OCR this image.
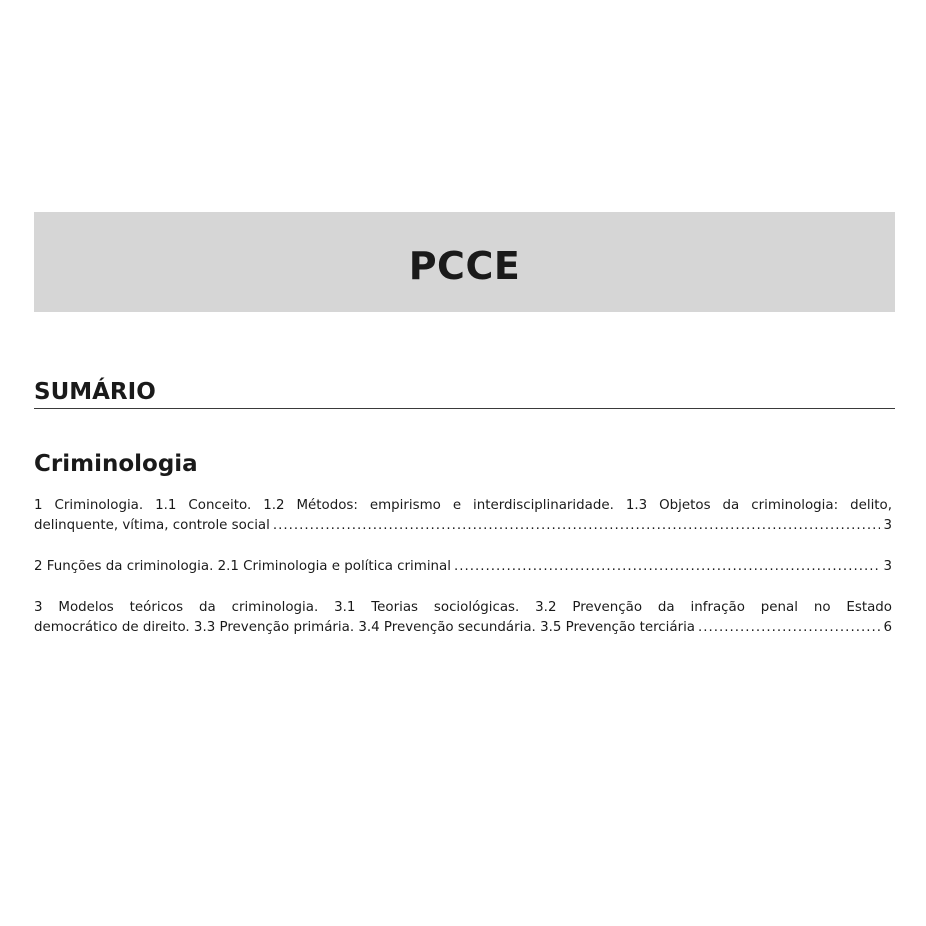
PCCE
SUMÁRIO
Criminologia
1 Criminologia. 1.1 Conceito. 1.2 Métodos: empirismo e interdisciplinaridade. 1.3 Objetos da criminologia: delito,
delinquente, vítima, controle social .....	3
2 Funções da criminologia. 2.1 Criminologia e política criminal .....	3
3 Modelos teóricos da criminologia. 3.1 Teorias sociológicas. 3.2 Prevenção da infração penal no Estado
democrático de direito. 3.3 Prevenção primária. 3.4 Prevenção secundária. 3.5 Prevenção terciária .....	6
